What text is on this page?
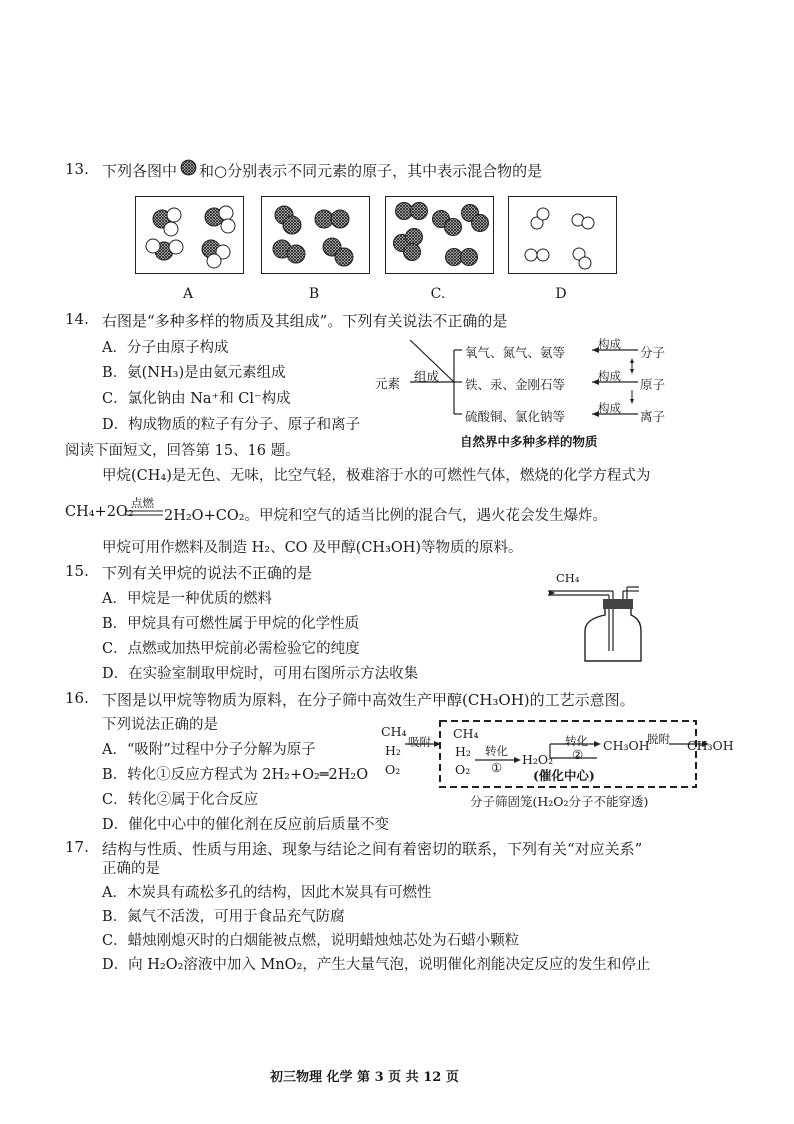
13. 下列各图中 和○分别表示不同元素的原子，其中表示混合物的是
A	B	C.	D
14. 右图是“多种多样的物质及其组成”。下列有关说法不正确的是
A．分子由原子构成
B．氨(NH₃)是由氨元素组成
C．氯化钠由 Na⁺和 Cl⁻构成
D．构成物质的粒子有分子、原子和离子
元素 组成
氧气、氮气、氨等
铁、汞、金刚石等
硫酸铜、氯化钠等
构成
构成
构成
分子
原子
离子
自然界中多种多样的物质
阅读下面短文，回答第 15、16 题。
甲烷(CH₄)是无色、无味，比空气轻，极难溶于水的可燃性气体，燃烧的化学方程式为
CH₄+2O₂
点燃
2H₂O+CO₂。甲烷和空气的适当比例的混合气，遇火花会发生爆炸。
甲烷可用作燃料及制造 H₂、CO 及甲醇(CH₃OH)等物质的原料。
15. 下列有关甲烷的说法不正确的是
A．甲烷是一种优质的燃料
B．甲烷具有可燃性属于甲烷的化学性质
C．点燃或加热甲烷前必需检验它的纯度
D．在实验室制取甲烷时，可用右图所示方法收集
CH₄
16. 下图是以甲烷等物质为原料，在分子筛中高效生产甲醇(CH₃OH)的工艺示意图。
下列说法正确的是
A．“吸附”过程中分子分解为原子
B．转化①反应方程式为 2H₂+O₂═2H₂O
C．转化②属于化合反应
D．催化中心中的催化剂在反应前后质量不变
CH₄
H₂
O₂
吸附
CH₄
H₂
O₂
转化
①
H₂O₂
转化
②
(催化中心)
CH₃OH
脱附 CH₃OH
分子筛固笼(H₂O₂分子不能穿透)
17. 结构与性质、性质与用途、现象与结论之间有着密切的联系，下列有关“对应关系”
正确的是
A．木炭具有疏松多孔的结构，因此木炭具有可燃性
B．氮气不活泼，可用于食品充气防腐
C．蜡烛刚熄灭时的白烟能被点燃，说明蜡烛烛芯处为石蜡小颗粒
D．向 H₂O₂溶液中加入 MnO₂，产生大量气泡，说明催化剂能决定反应的发生和停止
初三物理 化学 第 3 页 共 12 页
